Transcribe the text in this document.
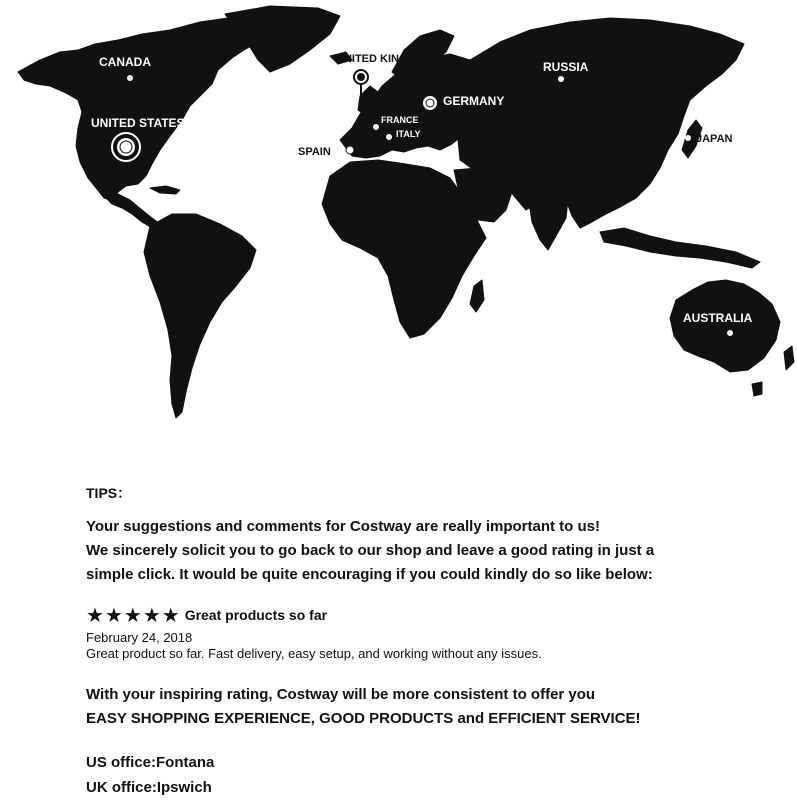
CANADA
UNITED STATES
UNITED KINGDOM
GERMANY
FRANCE
ITALY
SPAIN
RUSSIA
JAPAN
AUSTRALIA
TIPS：
Your suggestions and comments for Costway are really important to us!
We sincerely solicit you to go back to our shop and leave a good rating in just a
simple click. It would be quite encouraging if you could kindly do so like below:
★ ★ ★ ★ ★ Great products so far
February 24, 2018
Great product so far. Fast delivery, easy setup, and working without any issues.
With your inspiring rating, Costway will be more consistent to offer you
EASY SHOPPING EXPERIENCE, GOOD PRODUCTS and EFFICIENT SERVICE!
US office:Fontana
UK office:Ipswich
